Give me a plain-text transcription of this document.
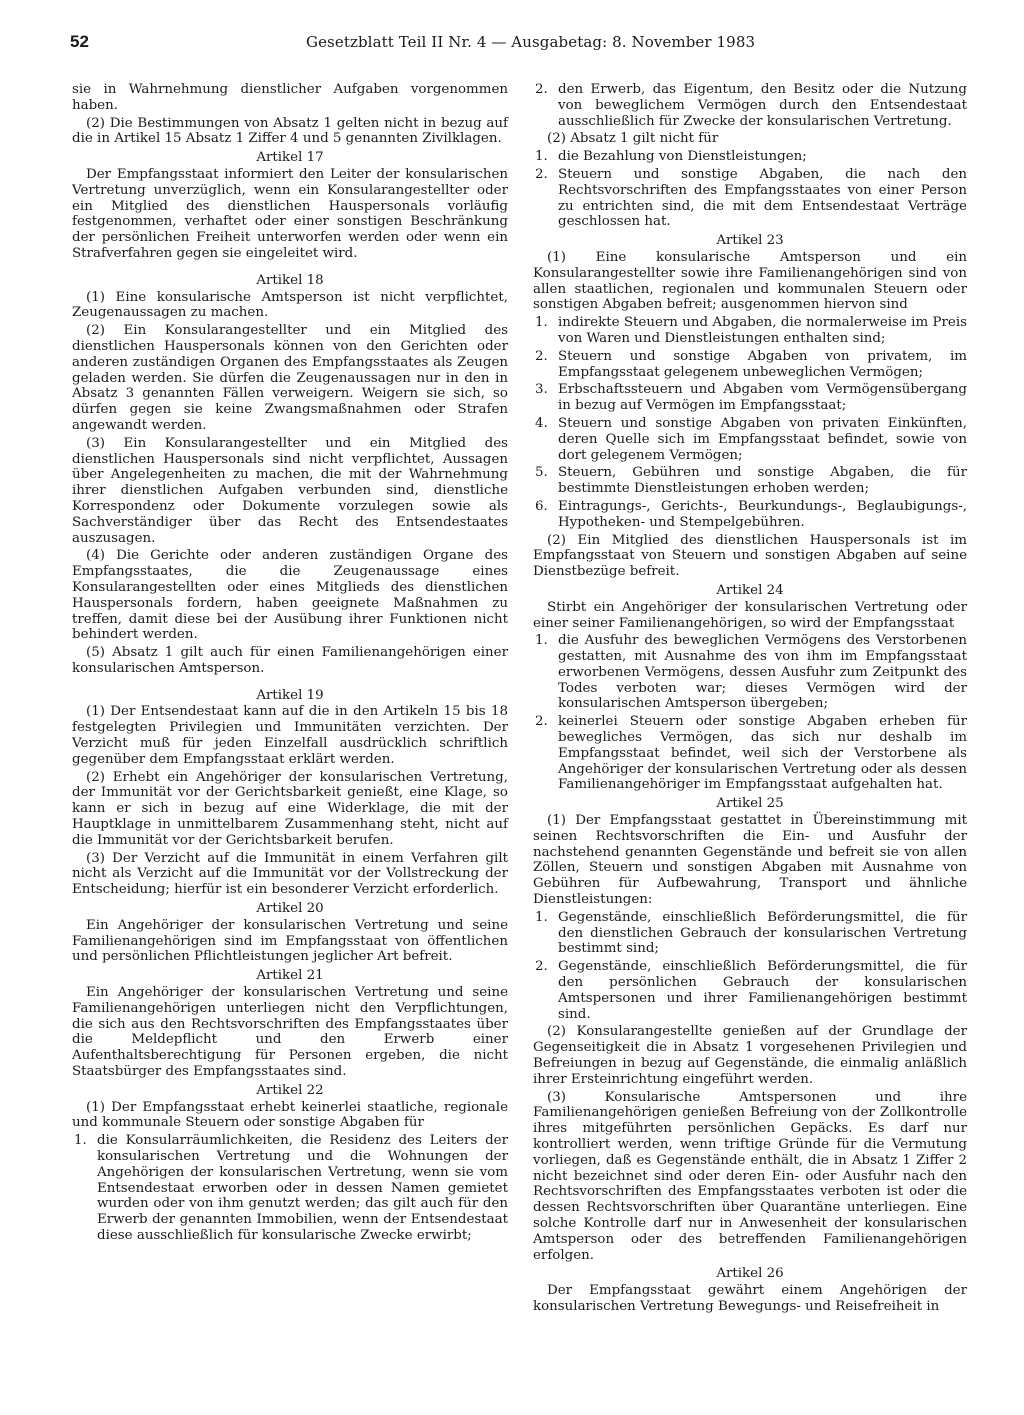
52	Gesetzblatt Teil II Nr. 4 — Ausgabetag: 8. November 1983

sie in Wahrnehmung dienstlicher Aufgaben vorgenommen haben.

(2) Die Bestimmungen von Absatz 1 gelten nicht in bezug auf die in Artikel 15 Absatz 1 Ziffer 4 und 5 genannten Zivilklagen.

Artikel 17

Der Empfangsstaat informiert den Leiter der konsularischen Vertretung unverzüglich, wenn ein Konsularangestellter oder ein Mitglied des dienstlichen Hauspersonals vorläufig festgenommen, verhaftet oder einer sonstigen Beschränkung der persönlichen Freiheit unterworfen werden oder wenn ein Strafverfahren gegen sie eingeleitet wird.

Artikel 18

(1) Eine konsularische Amtsperson ist nicht verpflichtet, Zeugenaussagen zu machen.

(2) Ein Konsularangestellter und ein Mitglied des dienstlichen Hauspersonals können von den Gerichten oder anderen zuständigen Organen des Empfangsstaates als Zeugen geladen werden. Sie dürfen die Zeugenaussagen nur in den in Absatz 3 genannten Fällen verweigern. Weigern sie sich, so dürfen gegen sie keine Zwangsmaßnahmen oder Strafen angewandt werden.

(3) Ein Konsularangestellter und ein Mitglied des dienstlichen Hauspersonals sind nicht verpflichtet, Aussagen über Angelegenheiten zu machen, die mit der Wahrnehmung ihrer dienstlichen Aufgaben verbunden sind, dienstliche Korrespondenz oder Dokumente vorzulegen sowie als Sachverständiger über das Recht des Entsendestaates auszusagen.

(4) Die Gerichte oder anderen zuständigen Organe des Empfangsstaates, die die Zeugenaussage eines Konsularangestellten oder eines Mitglieds des dienstlichen Hauspersonals fordern, haben geeignete Maßnahmen zu treffen, damit diese bei der Ausübung ihrer Funktionen nicht behindert werden.

(5) Absatz 1 gilt auch für einen Familienangehörigen einer konsularischen Amtsperson.

Artikel 19

(1) Der Entsendestaat kann auf die in den Artikeln 15 bis 18 festgelegten Privilegien und Immunitäten verzichten. Der Verzicht muß für jeden Einzelfall ausdrücklich schriftlich gegenüber dem Empfangsstaat erklärt werden.

(2) Erhebt ein Angehöriger der konsularischen Vertretung, der Immunität vor der Gerichtsbarkeit genießt, eine Klage, so kann er sich in bezug auf eine Widerklage, die mit der Hauptklage in unmittelbarem Zusammenhang steht, nicht auf die Immunität vor der Gerichtsbarkeit berufen.

(3) Der Verzicht auf die Immunität in einem Verfahren gilt nicht als Verzicht auf die Immunität vor der Vollstreckung der Entscheidung; hierfür ist ein besonderer Verzicht erforderlich.

Artikel 20

Ein Angehöriger der konsularischen Vertretung und seine Familienangehörigen sind im Empfangsstaat von öffentlichen und persönlichen Pflichtleistungen jeglicher Art befreit.

Artikel 21

Ein Angehöriger der konsularischen Vertretung und seine Familienangehörigen unterliegen nicht den Verpflichtungen, die sich aus den Rechtsvorschriften des Empfangsstaates über die Meldepflicht und den Erwerb einer Aufenthaltsberechtigung für Personen ergeben, die nicht Staatsbürger des Empfangsstaates sind.

Artikel 22

(1) Der Empfangsstaat erhebt keinerlei staatliche, regionale und kommunale Steuern oder sonstige Abgaben für

1. die Konsularräumlichkeiten, die Residenz des Leiters der konsularischen Vertretung und die Wohnungen der Angehörigen der konsularischen Vertretung, wenn sie vom Entsendestaat erworben oder in dessen Namen gemietet wurden oder von ihm genutzt werden; das gilt auch für den Erwerb der genannten Immobilien, wenn der Entsendestaat diese ausschließlich für konsularische Zwecke erwirbt;
2. den Erwerb, das Eigentum, den Besitz oder die Nutzung von beweglichem Vermögen durch den Entsendestaat ausschließlich für Zwecke der konsularischen Vertretung.

(2) Absatz 1 gilt nicht für

1. die Bezahlung von Dienstleistungen;
2. Steuern und sonstige Abgaben, die nach den Rechtsvorschriften des Empfangsstaates von einer Person zu entrichten sind, die mit dem Entsendestaat Verträge geschlossen hat.
Artikel 23

(1) Eine konsularische Amtsperson und ein Konsularangestellter sowie ihre Familienangehörigen sind von allen staatlichen, regionalen und kommunalen Steuern oder sonstigen Abgaben befreit; ausgenommen hiervon sind

1. indirekte Steuern und Abgaben, die normalerweise im Preis von Waren und Dienstleistungen enthalten sind;
2. Steuern und sonstige Abgaben von privatem, im Empfangsstaat gelegenem unbeweglichen Vermögen;
3. Erbschaftssteuern und Abgaben vom Vermögensübergang in bezug auf Vermögen im Empfangsstaat;
4. Steuern und sonstige Abgaben von privaten Einkünften, deren Quelle sich im Empfangsstaat befindet, sowie von dort gelegenem Vermögen;
5. Steuern, Gebühren und sonstige Abgaben, die für bestimmte Dienstleistungen erhoben werden;
6. Eintragungs-, Gerichts-, Beurkundungs-, Beglaubigungs-, Hypotheken- und Stempelgebühren.

(2) Ein Mitglied des dienstlichen Hauspersonals ist im Empfangsstaat von Steuern und sonstigen Abgaben auf seine Dienstbezüge befreit.

Artikel 24

Stirbt ein Angehöriger der konsularischen Vertretung oder einer seiner Familienangehörigen, so wird der Empfangsstaat

1. die Ausfuhr des beweglichen Vermögens des Verstorbenen gestatten, mit Ausnahme des von ihm im Empfangsstaat erworbenen Vermögens, dessen Ausfuhr zum Zeitpunkt des Todes verboten war; dieses Vermögen wird der konsularischen Amtsperson übergeben;
2. keinerlei Steuern oder sonstige Abgaben erheben für bewegliches Vermögen, das sich nur deshalb im Empfangsstaat befindet, weil sich der Verstorbene als Angehöriger der konsularischen Vertretung oder als dessen Familienangehöriger im Empfangsstaat aufgehalten hat.
Artikel 25

(1) Der Empfangsstaat gestattet in Übereinstimmung mit seinen Rechtsvorschriften die Ein- und Ausfuhr der nachstehend genannten Gegenstände und befreit sie von allen Zöllen, Steuern und sonstigen Abgaben mit Ausnahme von Gebühren für Aufbewahrung, Transport und ähnliche Dienstleistungen:

1. Gegenstände, einschließlich Beförderungsmittel, die für den dienstlichen Gebrauch der konsularischen Vertretung bestimmt sind;
2. Gegenstände, einschließlich Beförderungsmittel, die für den persönlichen Gebrauch der konsularischen Amtspersonen und ihrer Familienangehörigen bestimmt sind.

(2) Konsularangestellte genießen auf der Grundlage der Gegenseitigkeit die in Absatz 1 vorgesehenen Privilegien und Befreiungen in bezug auf Gegenstände, die einmalig anläßlich ihrer Ersteinrichtung eingeführt werden.

(3) Konsularische Amtspersonen und ihre Familienangehörigen genießen Befreiung von der Zollkontrolle ihres mitgeführten persönlichen Gepäcks. Es darf nur kontrolliert werden, wenn triftige Gründe für die Vermutung vorliegen, daß es Gegenstände enthält, die in Absatz 1 Ziffer 2 nicht bezeichnet sind oder deren Ein- oder Ausfuhr nach den Rechtsvorschriften des Empfangsstaates verboten ist oder die dessen Rechtsvorschriften über Quarantäne unterliegen. Eine solche Kontrolle darf nur in Anwesenheit der konsularischen Amtsperson oder des betreffenden Familienangehörigen erfolgen.

Artikel 26

Der Empfangsstaat gewährt einem Angehörigen der konsularischen Vertretung Bewegungs- und Reisefreiheit in
